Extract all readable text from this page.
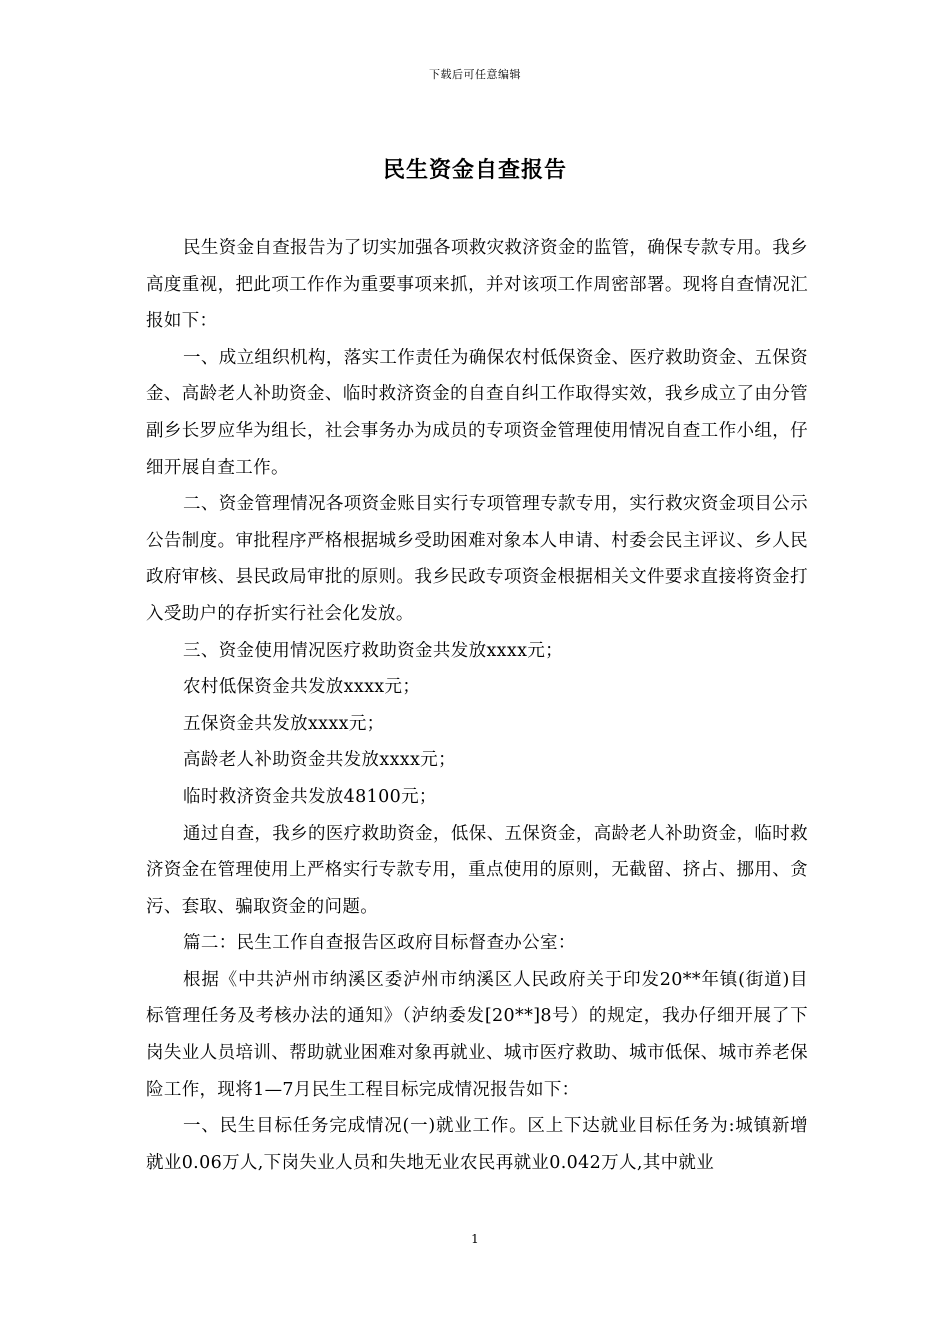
下载后可任意编辑
民生资金自查报告

民生资金自查报告为了切实加强各项救灾救济资金的监管，确保专款专用。我乡高度重视，把此项工作作为重要事项来抓，并对该项工作周密部署。现将自查情况汇报如下：

一、成立组织机构，落实工作责任为确保农村低保资金、医疗救助资金、五保资金、高龄老人补助资金、临时救济资金的自查自纠工作取得实效，我乡成立了由分管副乡长罗应华为组长，社会事务办为成员的专项资金管理使用情况自查工作小组，仔细开展自查工作。

二、资金管理情况各项资金账目实行专项管理专款专用，实行救灾资金项目公示公告制度。审批程序严格根据城乡受助困难对象本人申请、村委会民主评议、乡人民政府审核、县民政局审批的原则。我乡民政专项资金根据相关文件要求直接将资金打入受助户的存折实行社会化发放。

三、资金使用情况医疗救助资金共发放xxxx元；

农村低保资金共发放xxxx元；

五保资金共发放xxxx元；

高龄老人补助资金共发放xxxx元；

临时救济资金共发放48100元；

通过自查，我乡的医疗救助资金，低保、五保资金，高龄老人补助资金，临时救济资金在管理使用上严格实行专款专用，重点使用的原则，无截留、挤占、挪用、贪污、套取、骗取资金的问题。

篇二：民生工作自查报告区政府目标督查办公室：

根据《中共泸州市纳溪区委泸州市纳溪区人民政府关于印发20**年镇(街道)目标管理任务及考核办法的通知》（泸纳委发[20**]8号）的规定，我办仔细开展了下岗失业人员培训、帮助就业困难对象再就业、城市医疗救助、城市低保、城市养老保险工作，现将1—7月民生工程目标完成情况报告如下：

一、民生目标任务完成情况(一)就业工作。区上下达就业目标任务为:城镇新增就业0.06万人,下岗失业人员和失地无业农民再就业0.042万人,其中就业

1
